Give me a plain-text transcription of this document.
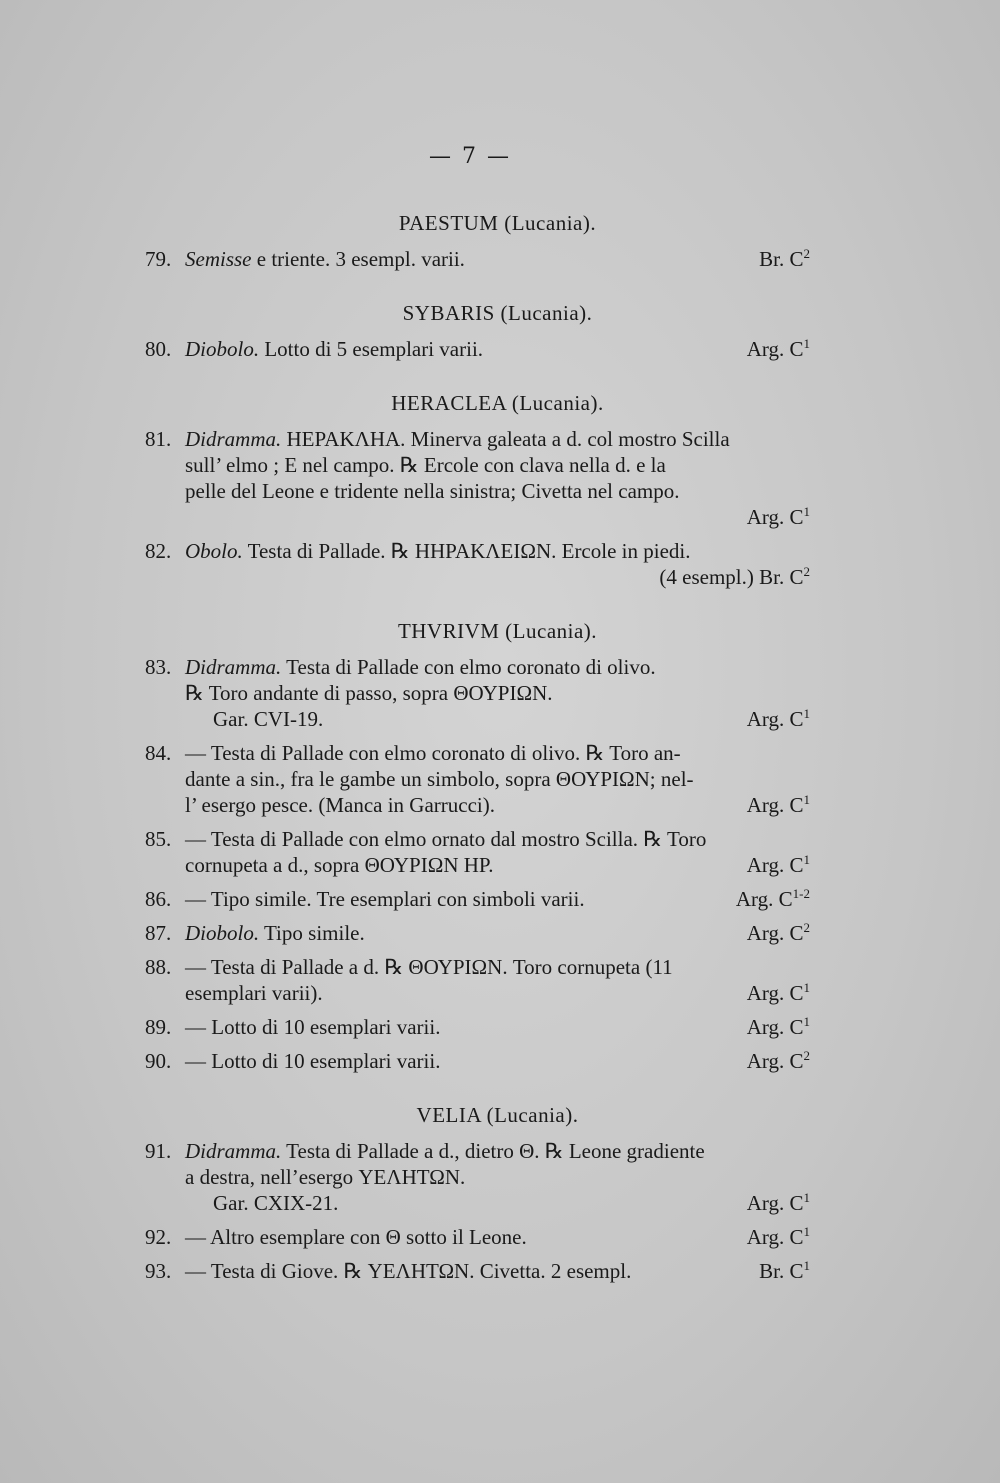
— 7 —
PAESTUM (Lucania).
79. Semisse e triente. 3 esempl. varii.	Br. $C^2$
SYBARIS (Lucania).
80. Diobolo. Lotto di 5 esemplari varii.	Arg. $C^1$
HERACLEA (Lucania).
81. Didramma. ΗΕΡΑΚΛΗΑ. Minerva galeata a d. col mostro Scilla
sull’ elmo ; E nel campo. ℞ Ercole con clava nella d. e la
pelle del Leone e tridente nella sinistra; Civetta nel campo.
Arg. $C^1$
82. Obolo. Testa di Pallade. ℞ ΗΗΡΑΚΛΕΙΩΝ. Ercole in piedi.
(4 esempl.) Br. $C^2$
THVRIVM (Lucania).
83. Didramma. Testa di Pallade con elmo coronato di olivo.
℞ Toro andante di passo, sopra ΘΟΥΡΙΩΝ.
Gar. CVI-19.	Arg. $C^1$
84. — Testa di Pallade con elmo coronato di olivo. ℞ Toro an-
dante a sin., fra le gambe un simbolo, sopra ΘΟΥΡΙΩΝ; nel-
l’ esergo pesce. (Manca in Garrucci).	Arg. $C^1$
85. — Testa di Pallade con elmo ornato dal mostro Scilla. ℞ Toro
cornupeta a d., sopra ΘΟΥΡΙΩΝ ΗΡ.	Arg. $C^1$
86. — Tipo simile. Tre esemplari con simboli varii.	Arg. $C^{1-2}$
87. Diobolo. Tipo simile.	Arg. $C^2$
88. — Testa di Pallade a d. ℞ ΘΟΥΡΙΩΝ. Toro cornupeta (11
esemplari varii).	Arg. $C^1$
89. — Lotto di 10 esemplari varii.	Arg. $C^1$
90. — Lotto di 10 esemplari varii.	Arg. $C^2$
VELIA (Lucania).
91. Didramma. Testa di Pallade a d., dietro Θ. ℞ Leone gradiente
a destra, nell’esergo ΥΕΛΗΤΩΝ.
Gar. CXIX-21.	Arg. $C^1$
92. — Altro esemplare con Θ sotto il Leone.	Arg. $C^1$
93. — Testa di Giove. ℞ ΥΕΛΗΤΩΝ. Civetta. 2 esempl.	Br. $C^1$
